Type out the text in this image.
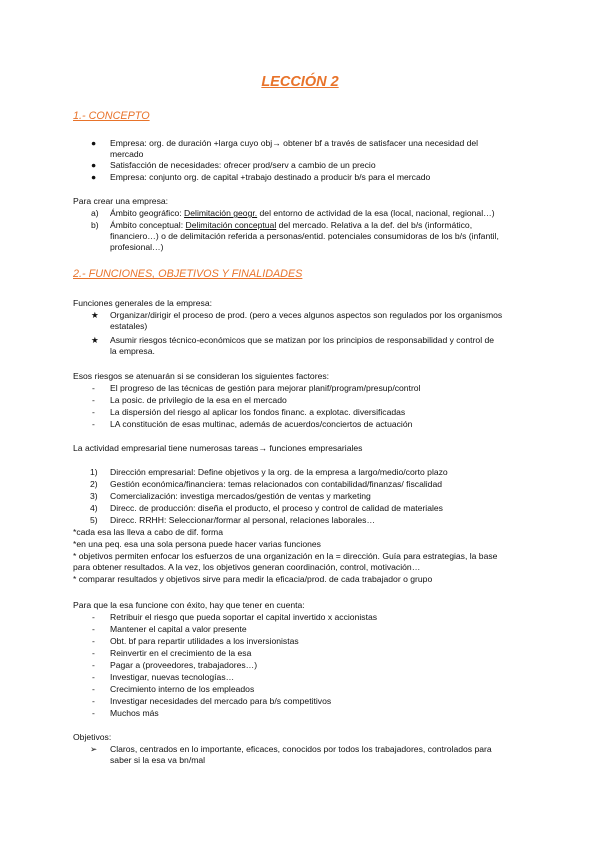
LECCIÓN 2
1.- CONCEPTO
● Empresa: org. de duración +larga cuyo obj→ obtener bf a través de satisfacer una necesidad del
mercado
● Satisfacción de necesidades: ofrecer prod/serv a cambio de un precio
● Empresa: conjunto org. de capital +trabajo destinado a producir b/s para el mercado
Para crear una empresa:
a) Ámbito geográfico: Delimitación geogr. del entorno de actividad de la esa (local, nacional, regional…)
b) Ámbito conceptual: Delimitación conceptual del mercado. Relativa a la def. del b/s (informático,
financiero…) o de delimitación referida a personas/entid. potenciales consumidoras de los b/s (infantil,
profesional…)
2.- FUNCIONES, OBJETIVOS Y FINALIDADES
Funciones generales de la empresa:
★ Organizar/dirigir el proceso de prod. (pero a veces algunos aspectos son regulados por los organismos
estatales)
★ Asumir riesgos técnico-económicos que se matizan por los principios de responsabilidad y control de
la empresa.
Esos riesgos se atenuarán si se consideran los siguientes factores:
- El progreso de las técnicas de gestión para mejorar planif/program/presup/control
- La posic. de privilegio de la esa en el mercado
- La dispersión del riesgo al aplicar los fondos financ. a explotac. diversificadas
- LA constitución de esas multinac, además de acuerdos/conciertos de actuación
La actividad empresarial tiene numerosas tareas→ funciones empresariales
1) Dirección empresarial: Define objetivos y la org. de la empresa a largo/medio/corto plazo
2) Gestión económica/financiera: temas relacionados con contabilidad/finanzas/ fiscalidad
3) Comercialización: investiga mercados/gestión de ventas y marketing
4) Direcc. de producción: diseña el producto, el proceso y control de calidad de materiales
5) Direcc. RRHH: Seleccionar/formar al personal, relaciones laborales…
*cada esa las lleva a cabo de dif. forma
*en una peq. esa una sola persona puede hacer varias funciones
* objetivos permiten enfocar los esfuerzos de una organización en la = dirección. Guía para estrategias, la base
para obtener resultados. A la vez, los objetivos generan coordinación, control, motivación…
* comparar resultados y objetivos sirve para medir la eficacia/prod. de cada trabajador o grupo
Para que la esa funcione con éxito, hay que tener en cuenta:
- Retribuir el riesgo que pueda soportar el capital invertido x accionistas
- Mantener el capital a valor presente
- Obt. bf para repartir utilidades a los inversionistas
- Reinvertir en el crecimiento de la esa
- Pagar a (proveedores, trabajadores…)
- Investigar, nuevas tecnologías…
- Crecimiento interno de los empleados
- Investigar necesidades del mercado para b/s competitivos
- Muchos más
Objetivos:
➢ Claros, centrados en lo importante, eficaces, conocidos por todos los trabajadores, controlados para
saber si la esa va bn/mal
